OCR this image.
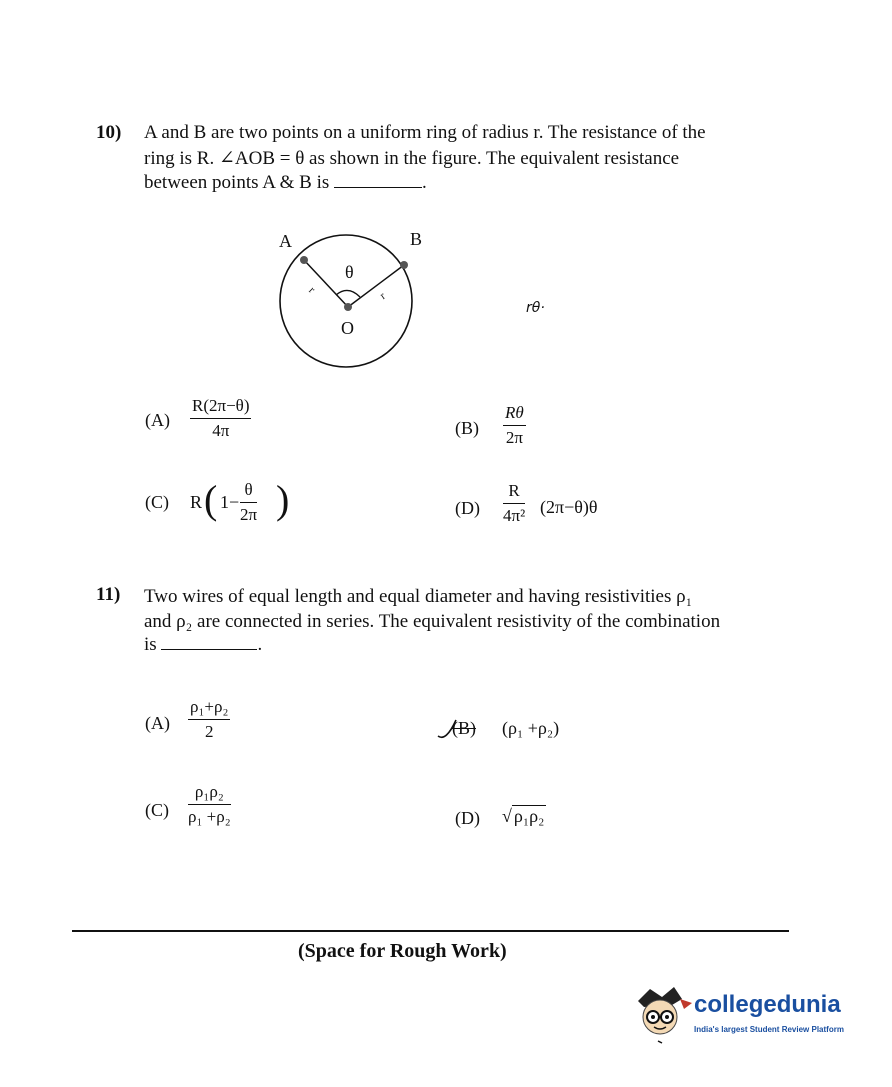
10) A and B are two points on a uniform ring of radius r. The resistance of the
ring is R. ∠AOB = θ as shown in the figure. The equivalent resistance
between points A & B is	.
A	B
θ
O
r
r
rθ·
$(A) \frac{R(2\pi-\theta)}{4\pi}$	$(B) \frac{R\theta}{2\pi}$
(C) R ( $1- \frac{\theta}{2\pi}$ )	$(D) \frac{R}{\text{4π²}} (2\pi-\theta)\theta$
11) Two wires of equal length and equal diameter and having resistivities ρ₁
and ρ₂ are connected in series. The equivalent resistivity of the combination
is	.
$(A) \frac{\text{ρ₁+ρ₂}}{2}$	(B) (ρ₁ +ρ₂)
$(C) \frac{\text{ρ₁ρ₂}}{\text{ρ₁ +ρ₂}}$	(D) √ ρ₁ρ₂
(Space for Rough Work)
collegedunia
India's largest Student Review Platform
